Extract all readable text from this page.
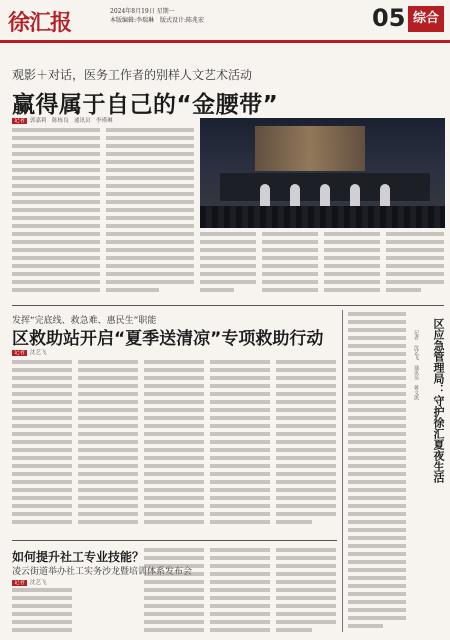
徐汇报	2024年8月19日 星期一
本版编辑:李瑞琳　版式设计:陈兆宏	05 综合
观影＋对话，医务工作者的别样人文艺术活动
赢得属于自己的“金腰带”
记者 郭嘉莉　陈栋良　通讯员　李瑾琳
发挥“完底线、救急难、惠民生”职能
区救助站开启“夏季送清凉”专项救助行动
记者 沈艺飞	记者　沈艺飞　通讯员　蒋文凯	区应急管理局：守护徐汇夏夜生活
如何提升社工专业技能？
凌云街道举办社工实务沙龙暨培训体系发布会
记者 沈艺飞
